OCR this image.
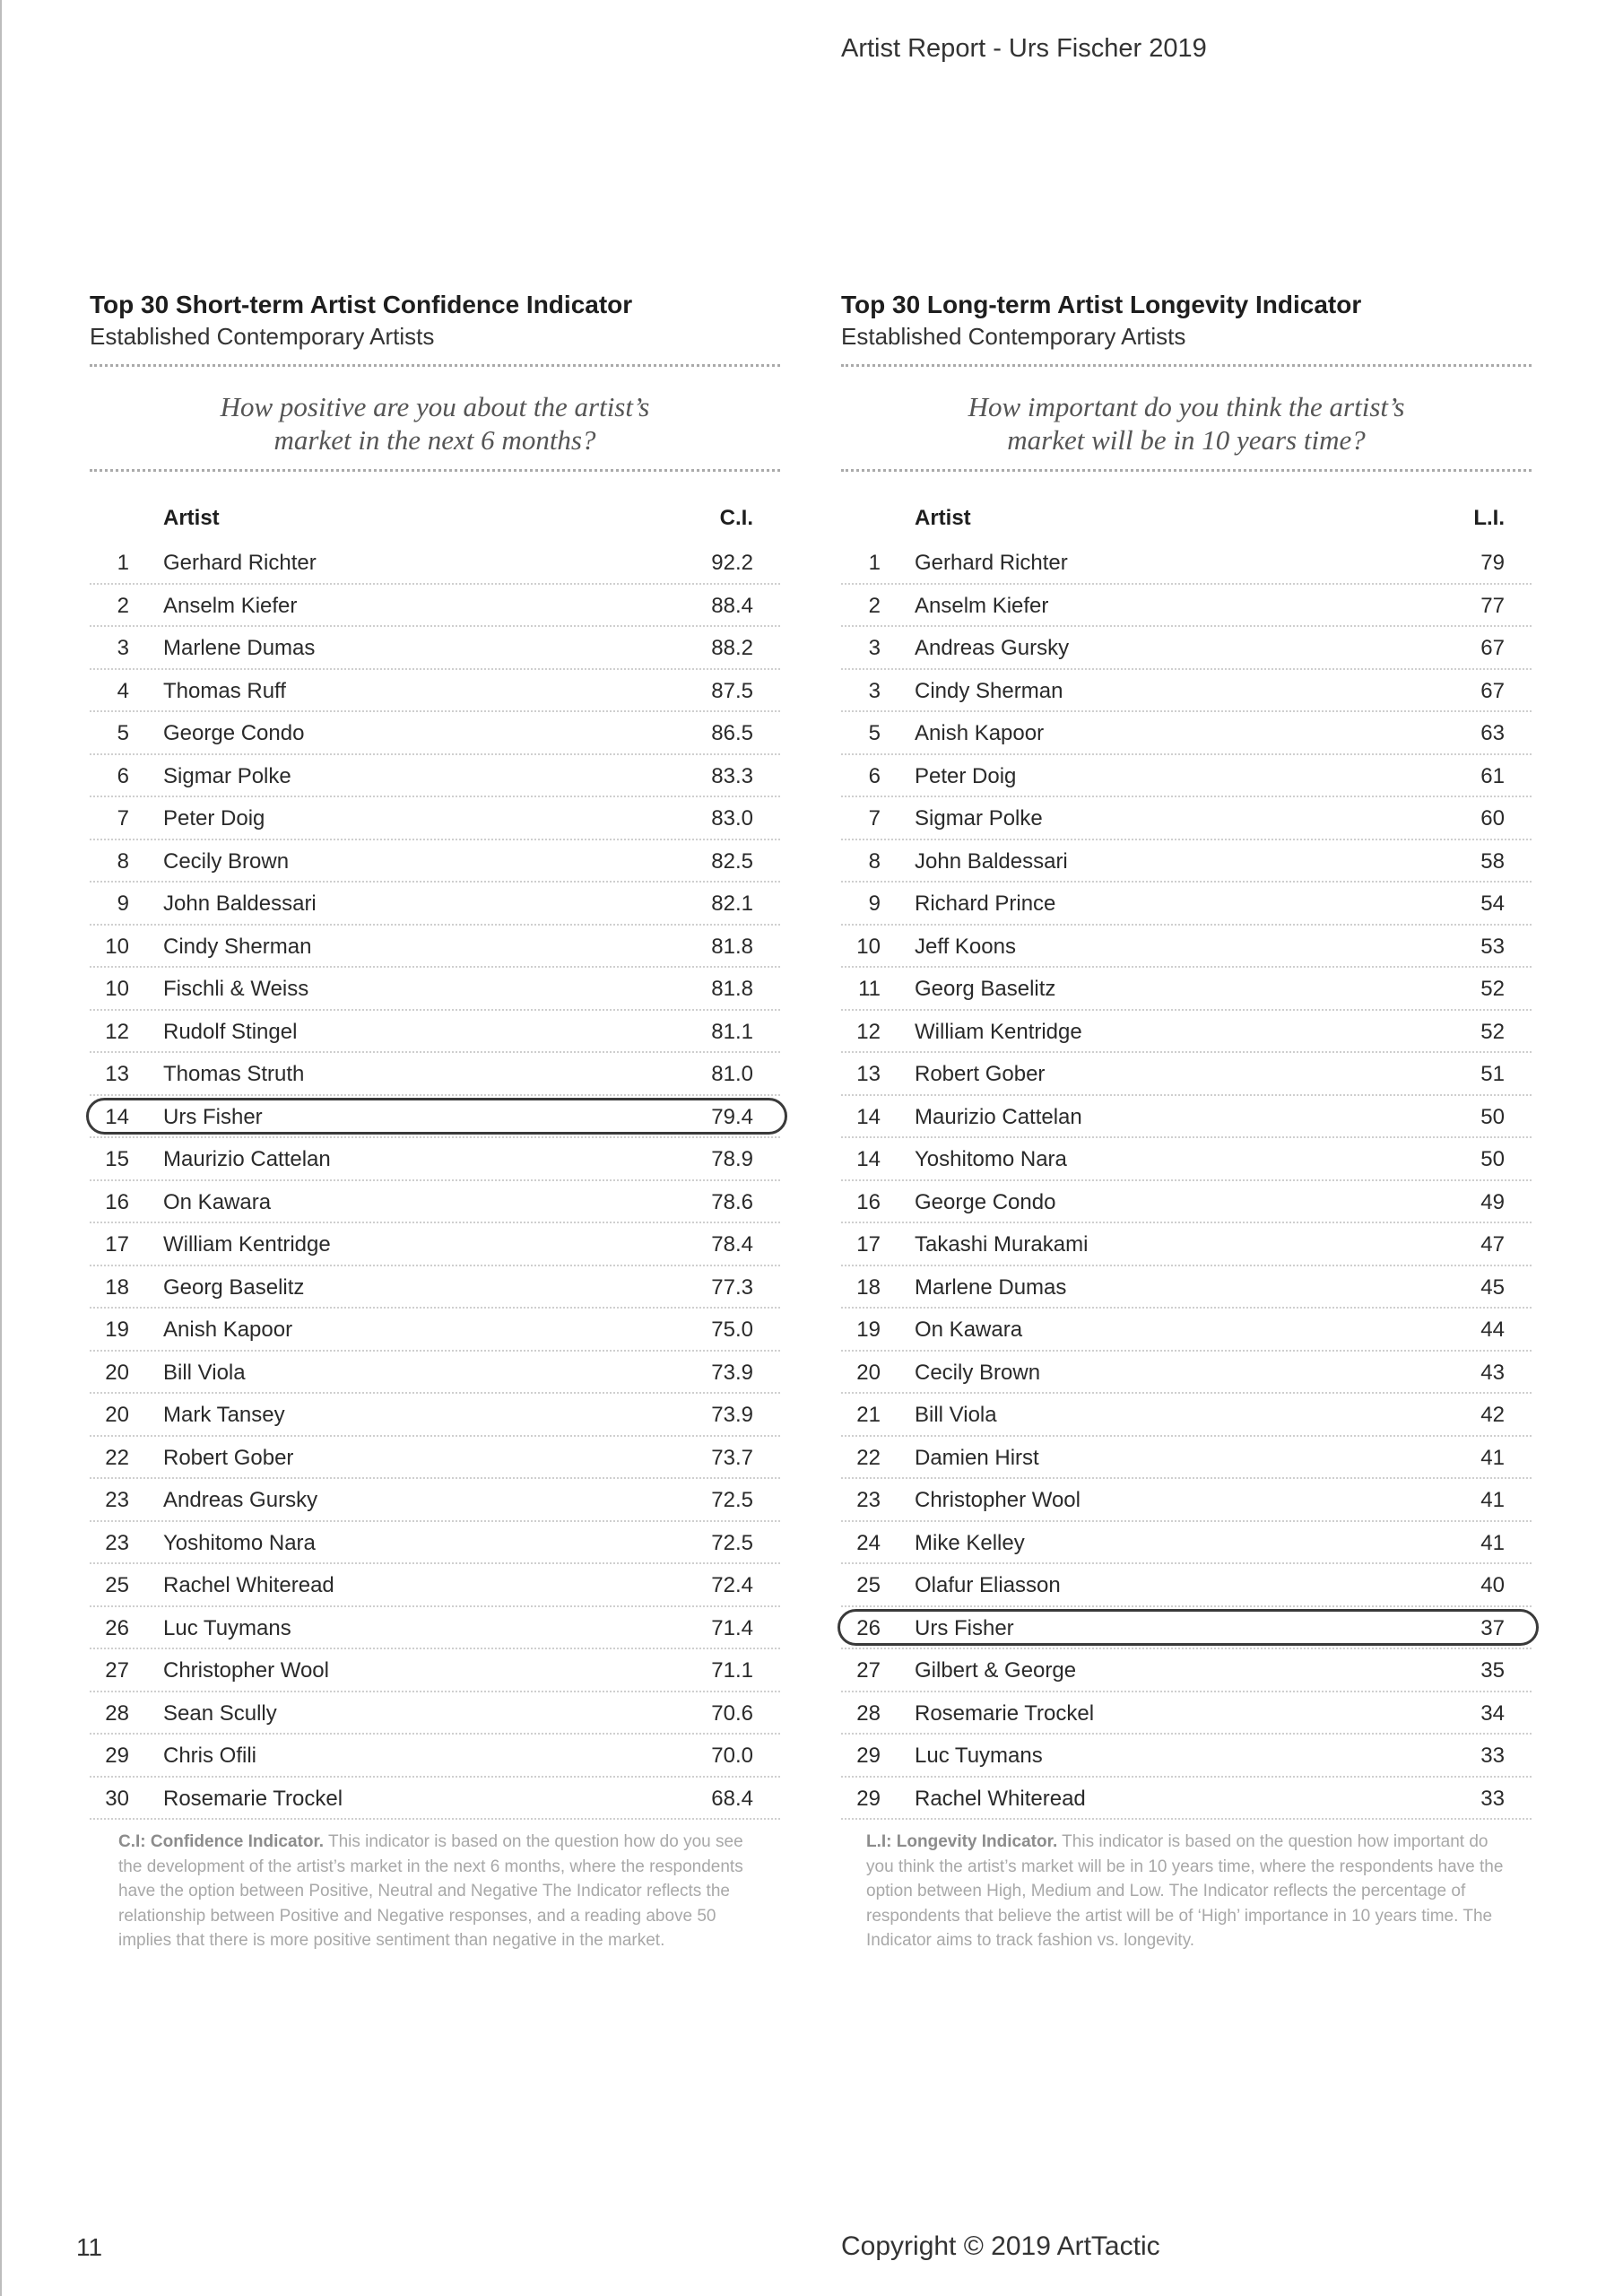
Artist Report - Urs Fischer 2019
Top 30 Short-term Artist Confidence Indicator
Established Contemporary Artists
How positive are you about the artist’s
market in the next 6 months?
Artist	C.I.
1 Gerhard Richter	92.2
2 Anselm Kiefer	88.4
3 Marlene Dumas	88.2
4 Thomas Ruff	87.5
5 George Condo	86.5
6 Sigmar Polke	83.3
7 Peter Doig	83.0
8 Cecily Brown	82.5
9 John Baldessari	82.1
10 Cindy Sherman	81.8
10 Fischli & Weiss	81.8
12 Rudolf Stingel	81.1
13 Thomas Struth	81.0
14 Urs Fisher	79.4
15 Maurizio Cattelan	78.9
16 On Kawara	78.6
17 William Kentridge	78.4
18 Georg Baselitz	77.3
19 Anish Kapoor	75.0
20 Bill Viola	73.9
20 Mark Tansey	73.9
22 Robert Gober	73.7
23 Andreas Gursky	72.5
23 Yoshitomo Nara	72.5
25 Rachel Whiteread	72.4
26 Luc Tuymans	71.4
27 Christopher Wool	71.1
28 Sean Scully	70.6
29 Chris Ofili	70.0
30 Rosemarie Trockel	68.4
Top 30 Long-term Artist Longevity Indicator
Established Contemporary Artists
How important do you think the artist’s
market will be in 10 years time?
Artist	L.I.
1 Gerhard Richter	79
2 Anselm Kiefer	77
3 Andreas Gursky	67
3 Cindy Sherman	67
5 Anish Kapoor	63
6 Peter Doig	61
7 Sigmar Polke	60
8 John Baldessari	58
9 Richard Prince	54
10 Jeff Koons	53
11 Georg Baselitz	52
12 William Kentridge	52
13 Robert Gober	51
14 Maurizio Cattelan	50
14 Yoshitomo Nara	50
16 George Condo	49
17 Takashi Murakami	47
18 Marlene Dumas	45
19 On Kawara	44
20 Cecily Brown	43
21 Bill Viola	42
22 Damien Hirst	41
23 Christopher Wool	41
24 Mike Kelley	41
25 Olafur Eliasson	40
26 Urs Fisher	37
27 Gilbert & George	35
28 Rosemarie Trockel	34
29 Luc Tuymans	33
29 Rachel Whiteread	33
C.I: Confidence Indicator. This indicator is based on the question how do you see the development of the artist’s market in the next 6 months, where the respondents have the option between Positive, Neutral and Negative The Indicator reflects the relationship between Positive and Negative responses, and a reading above 50 implies that there is more positive sentiment than negative in the market.
L.I: Longevity Indicator. This indicator is based on the question how important do you think the artist’s market will be in 10 years time, where the respondents have the option between High, Medium and Low. The Indicator reflects the percentage of respondents that believe the artist will be of ‘High’ importance in 10 years time. The Indicator aims to track fashion vs. longevity.
11	Copyright © 2019 ArtTactic
